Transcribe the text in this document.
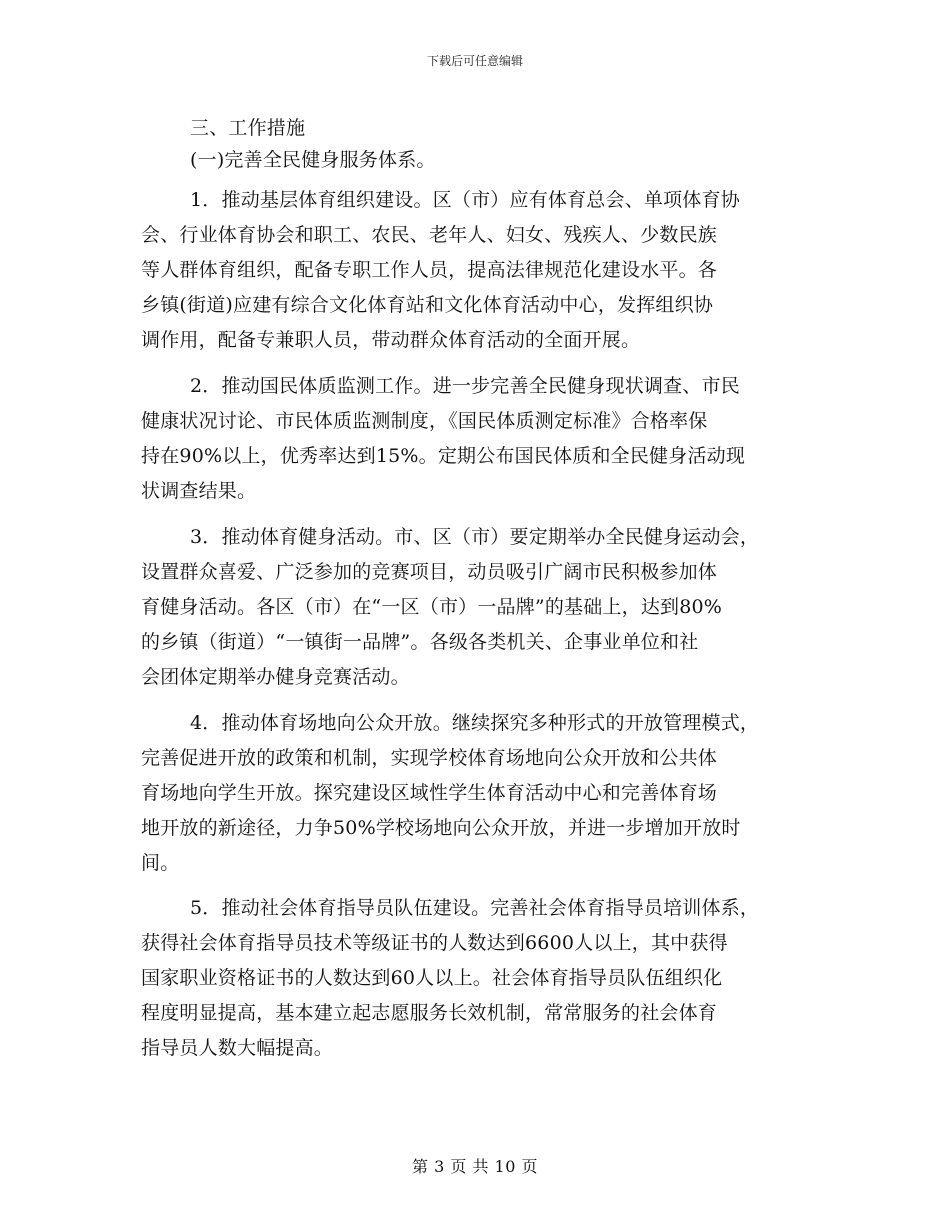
下载后可任意编辑
三、工作措施
(一)完善全民健身服务体系。
1．推动基层体育组织建设。区（市）应有体育总会、单项体育协
会、行业体育协会和职工、农民、老年人、妇女、残疾人、少数民族
等人群体育组织，配备专职工作人员，提高法律规范化建设水平。各
乡镇(街道)应建有综合文化体育站和文化体育活动中心，发挥组织协
调作用，配备专兼职人员，带动群众体育活动的全面开展。
2．推动国民体质监测工作。进一步完善全民健身现状调查、市民
健康状况讨论、市民体质监测制度，《国民体质测定标准》合格率保
持在90%以上，优秀率达到15%。定期公布国民体质和全民健身活动现
状调查结果。
3．推动体育健身活动。市、区（市）要定期举办全民健身运动会，
设置群众喜爱、广泛参加的竞赛项目，动员吸引广阔市民积极参加体
育健身活动。各区（市）在“一区（市）一品牌”的基础上，达到80%
的乡镇（街道）“一镇街一品牌”。各级各类机关、企事业单位和社
会团体定期举办健身竞赛活动。
4．推动体育场地向公众开放。继续探究多种形式的开放管理模式，
完善促进开放的政策和机制，实现学校体育场地向公众开放和公共体
育场地向学生开放。探究建设区域性学生体育活动中心和完善体育场
地开放的新途径，力争50%学校场地向公众开放，并进一步增加开放时
间。
5．推动社会体育指导员队伍建设。完善社会体育指导员培训体系，
获得社会体育指导员技术等级证书的人数达到6600人以上，其中获得
国家职业资格证书的人数达到60人以上。社会体育指导员队伍组织化
程度明显提高，基本建立起志愿服务长效机制，常常服务的社会体育
指导员人数大幅提高。
第 3 页 共 10 页
